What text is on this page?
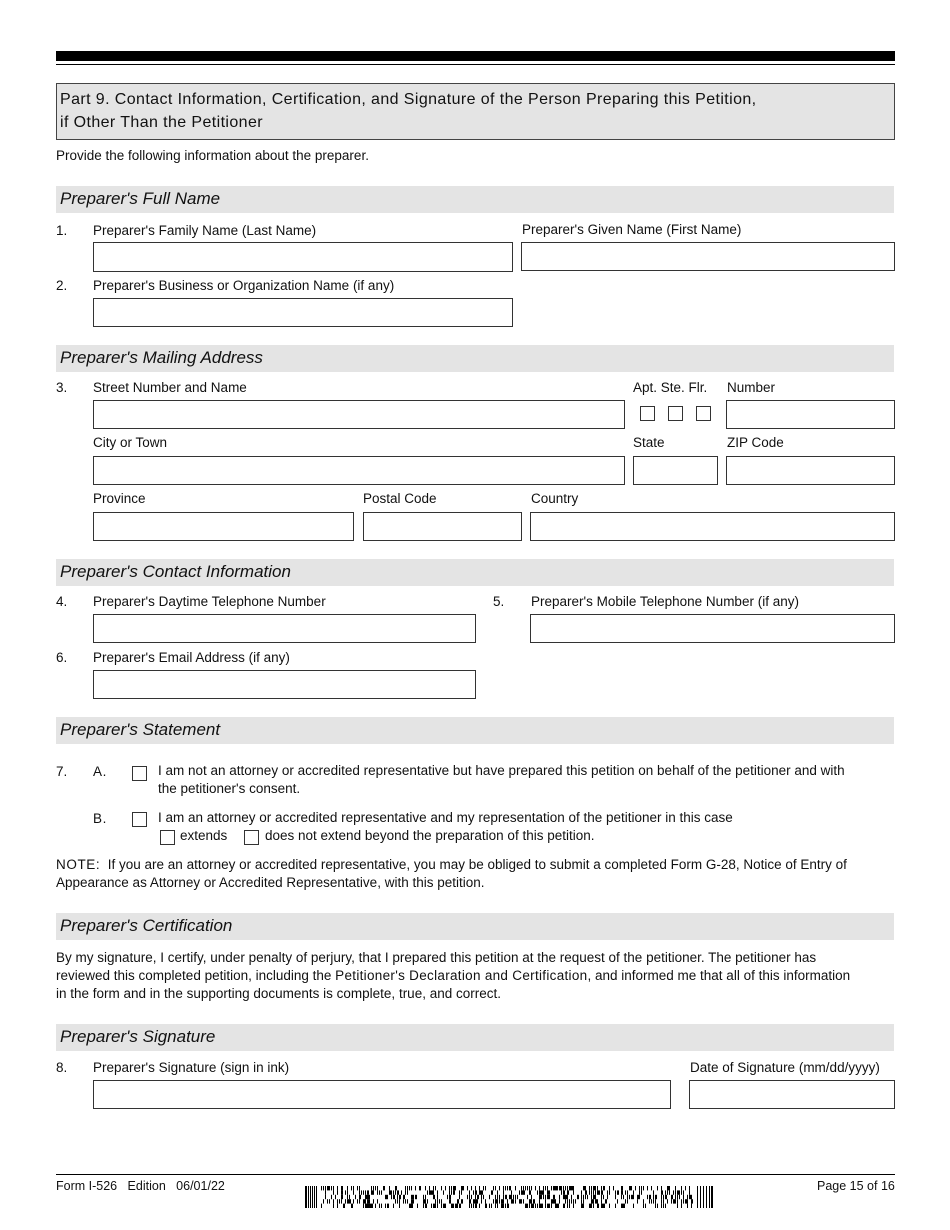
Part 9. Contact Information, Certification, and Signature of the Person Preparing this Petition,
if Other Than the Petitioner
Provide the following information about the preparer.
Preparer's Full Name
1. Preparer's Family Name (Last Name)	Preparer's Given Name (First Name)
2. Preparer's Business or Organization Name (if any)
Preparer's Mailing Address
3. Street Number and Name	Apt. Ste. Flr. Number
City or Town	State	ZIP Code
Province	Postal Code	Country
Preparer's Contact Information
4. Preparer's Daytime Telephone Number	5. Preparer's Mobile Telephone Number (if any)
6. Preparer's Email Address (if any)
Preparer's Statement
7. A.	I am not an attorney or accredited representative but have prepared this petition on behalf of the petitioner and with
the petitioner's consent.
B.	I am an attorney or accredited representative and my representation of the petitioner in this case
extends	does not extend beyond the preparation of this petition.
NOTE:  If you are an attorney or accredited representative, you may be obliged to submit a completed Form G-28, Notice of Entry of
Appearance as Attorney or Accredited Representative, with this petition.
Preparer's Certification
By my signature, I certify, under penalty of perjury, that I prepared this petition at the request of the petitioner. The petitioner has
reviewed this completed petition, including the Petitioner's Declaration and Certification, and informed me that all of this information
in the form and in the supporting documents is complete, true, and correct.
Preparer's Signature
8. Preparer's Signature (sign in ink)	Date of Signature (mm/dd/yyyy)
Form I-526   Edition   06/01/22	Page 15 of 16
